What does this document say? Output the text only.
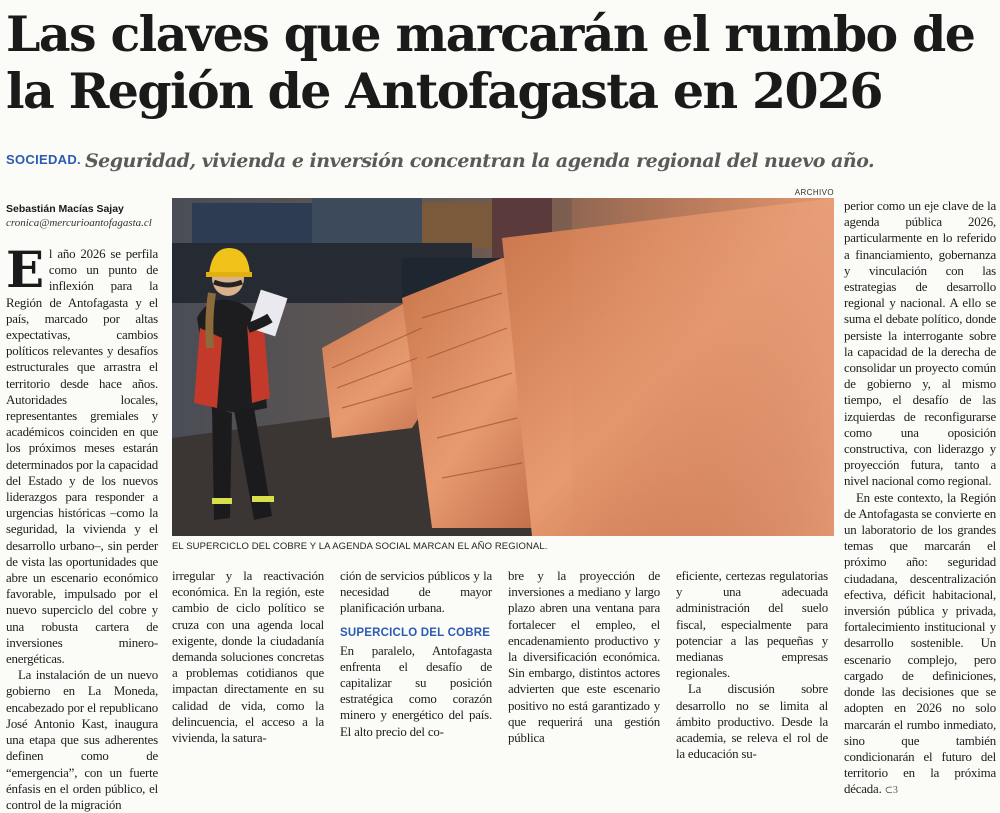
Las claves que marcarán el rumbo de la Región de Antofagasta en 2026
SOCIEDAD. Seguridad, vivienda e inversión concentran la agenda regional del nuevo año.
Sebastián Macías Sajay
cronica@mercurioantofagasta.cl
ARCHIVO
EL SUPERCICLO DEL COBRE Y LA AGENDA SOCIAL MARCAN EL AÑO REGIONAL.

El año 2026 se perfila como un punto de inflexión para la Región de Antofagasta y el país, marcado por altas expectativas, cambios políticos relevantes y desafíos estructurales que arrastra el territorio desde hace años. Autoridades locales, representantes gremiales y académicos coinciden en que los próximos meses estarán determinados por la capacidad del Estado y de los nuevos liderazgos para responder a urgencias históricas –como la seguridad, la vivienda y el desarrollo urbano–, sin perder de vista las oportunidades que abre un escenario económico favorable, impulsado por el nuevo superciclo del cobre y una robusta cartera de inversiones minero-energéticas.

La instalación de un nuevo gobierno en La Moneda, encabezado por el republicano José Antonio Kast, inaugura una etapa que sus adherentes definen como de “emergencia”, con un fuerte énfasis en el orden público, el control de la migración

irregular y la reactivación económica. En la región, este cambio de ciclo político se cruza con una agenda local exigente, donde la ciudadanía demanda soluciones concretas a problemas cotidianos que impactan directamente en su calidad de vida, como la delincuencia, el acceso a la vivienda, la satura-

ción de servicios públicos y la necesidad de mayor planificación urbana.

SUPERCICLO DEL COBRE

En paralelo, Antofagasta enfrenta el desafío de capitalizar su posición estratégica como corazón minero y energético del país. El alto precio del co-

bre y la proyección de inversiones a mediano y largo plazo abren una ventana para fortalecer el empleo, el encadenamiento productivo y la diversificación económica. Sin embargo, distintos actores advierten que este escenario positivo no está garantizado y que requerirá una gestión pública

eficiente, certezas regulatorias y una adecuada administración del suelo fiscal, especialmente para potenciar a las pequeñas y medianas empresas regionales.

La discusión sobre desarrollo no se limita al ámbito productivo. Desde la academia, se releva el rol de la educación su-

perior como un eje clave de la agenda pública 2026, particularmente en lo referido a financiamiento, gobernanza y vinculación con las estrategias de desarrollo regional y nacional. A ello se suma el debate político, donde persiste la interrogante sobre la capacidad de la derecha de consolidar un proyecto común de gobierno y, al mismo tiempo, el desafío de las izquierdas de reconfigurarse como una oposición constructiva, con liderazgo y proyección futura, tanto a nivel nacional como regional.

En este contexto, la Región de Antofagasta se convierte en un laboratorio de los grandes temas que marcarán el próximo año: seguridad ciudadana, descentralización efectiva, déficit habitacional, inversión pública y privada, fortalecimiento institucional y desarrollo sostenible. Un escenario complejo, pero cargado de definiciones, donde las decisiones que se adopten en 2026 no solo marcarán el rumbo inmediato, sino que también condicionarán el futuro del territorio en la próxima década. ⊂3
